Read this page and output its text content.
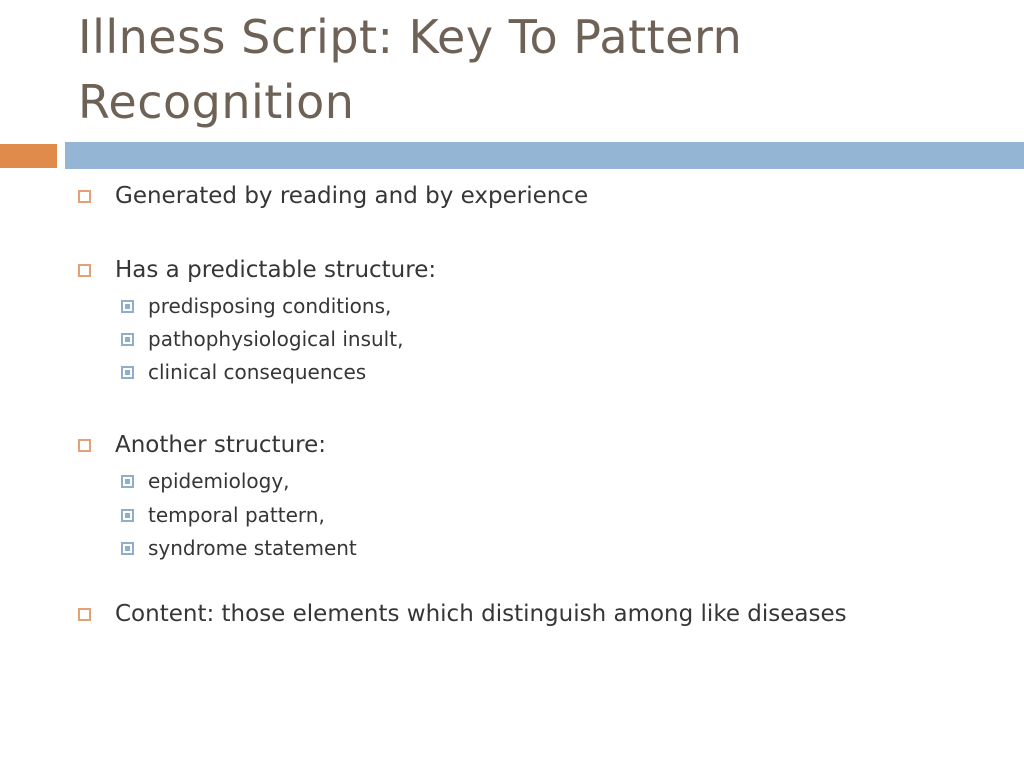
Illness Script: Key To Pattern
Recognition
Generated by reading and by experience
Has a predictable structure:
predisposing conditions,
pathophysiological insult,
clinical consequences
Another structure:
epidemiology,
temporal pattern,
syndrome statement
Content: those elements which distinguish among like diseases
